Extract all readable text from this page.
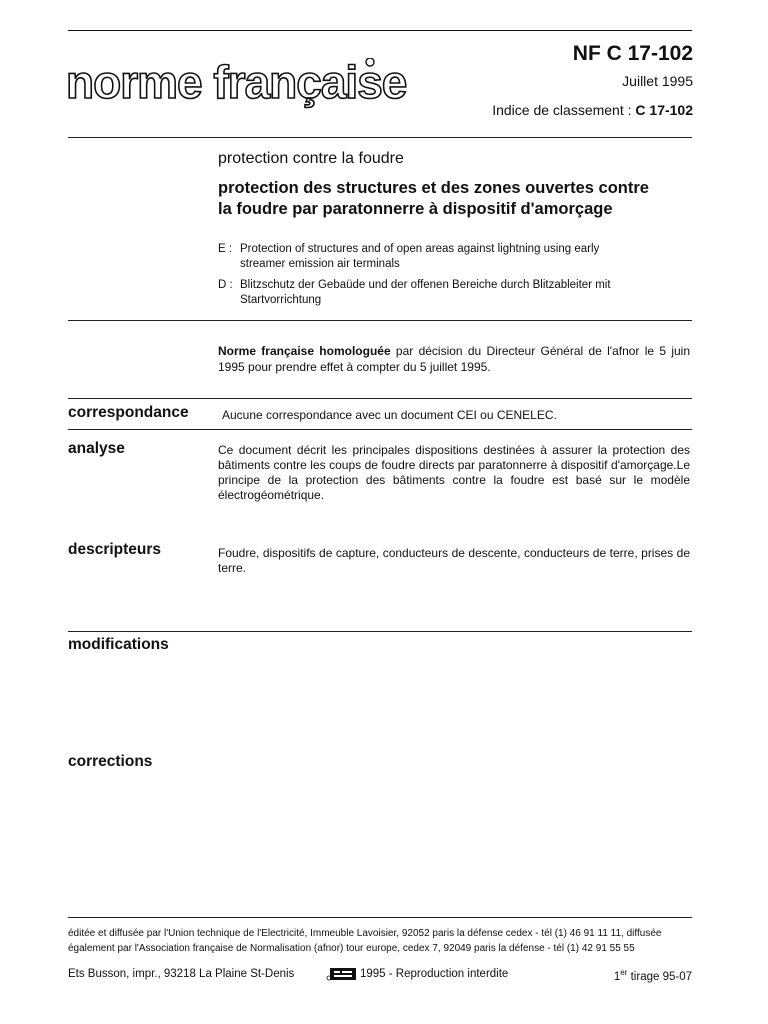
norme française
NF C 17-102
Juillet 1995
Indice de classement : C 17-102
protection contre la foudre
protection des structures et des zones ouvertes contre
la foudre par paratonnerre à dispositif d'amorçage
E : Protection of structures and of open areas against lightning using early
streamer emission air terminals
D : Blitzschutz der Gebaüde und der offenen Bereiche durch Blitzableiter mit
Startvorrichtung
Norme française homologuée par décision du Directeur Général de l'afnor le 5 juin 1995 pour prendre effet à compter du 5 juillet 1995.
correspondance	Aucune correspondance avec un document CEI ou CENELEC.
analyse	Ce document décrit les principales dispositions destinées à assurer la protection des bâtiments contre les coups de foudre directs par paratonnerre à dispositif d'amorçage.Le principe de la protection des bâtiments contre la foudre est basé sur le modèle électrogéométrique.
descripteurs	Foudre, dispositifs de capture, conducteurs de descente, conducteurs de terre, prises de terre.
modifications
corrections
éditée et diffusée par l'Union technique de l'Electricité, Immeuble Lavoisier, 92052 paris la défense cedex - tél (1) 46 91 11 11, diffusée
également par l'Association française de Normalisation (afnor) tour europe, cedex 7, 92049 paris la défense - tél (1) 42 91 55 55
Ets Busson, impr., 93218 La Plaine St-Denis	1995 - Reproduction interdite	1er tirage 95-07
